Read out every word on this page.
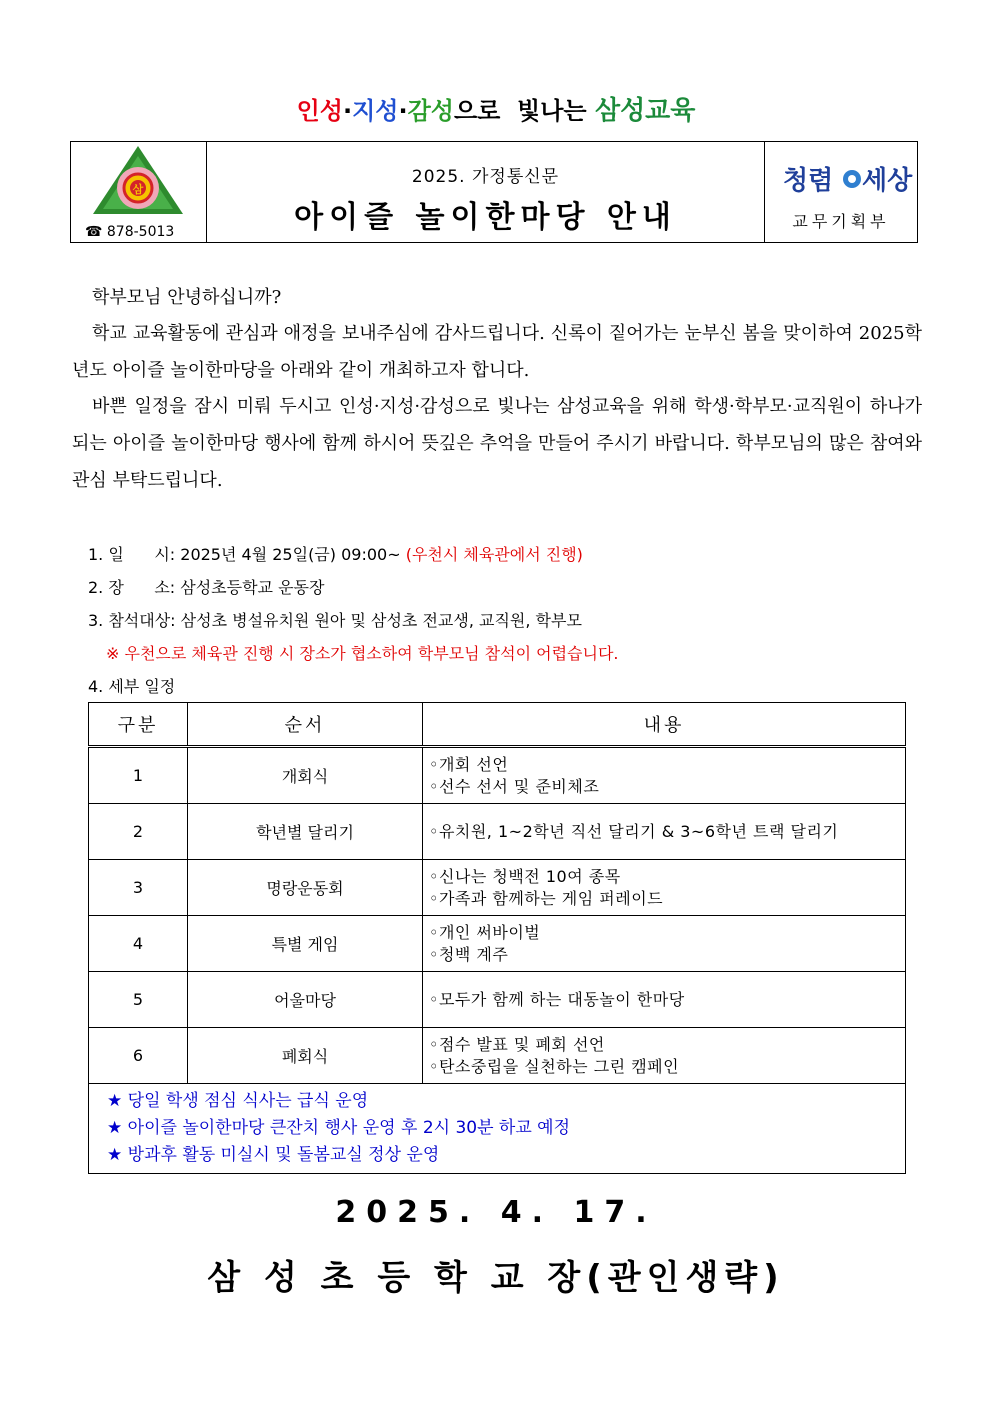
인성·지성·감성으로  빛나는 삼성교육
삼
☎ 878-5013
2025. 가정통신문
아이즐 놀이한마당 안내
청렴 세상
교무기획부
학부모님 안녕하십니까?
학교 교육활동에 관심과 애정을 보내주심에 감사드립니다. 신록이 짙어가는 눈부신 봄을 맞이하여 2025학년도 아이즐 놀이한마당을 아래와 같이 개최하고자 합니다.
바쁜 일정을 잠시 미뤄 두시고 인성·지성·감성으로 빛나는 삼성교육을 위해 학생·학부모·교직원이 하나가 되는 아이즐 놀이한마당 행사에 함께 하시어 뜻깊은 추억을 만들어 주시기 바랍니다. 학부모님의 많은 참여와 관심 부탁드립니다.
1. 일      시: 2025년 4월 25일(금) 09:00~ (우천시 체육관에서 진행)
2. 장      소: 삼성초등학교 운동장
3. 참석대상: 삼성초 병설유치원 원아 및 삼성초 전교생, 교직원, 학부모
※ 우천으로 체육관 진행 시 장소가 협소하여 학부모님 참석이 어렵습니다.
4. 세부 일정
구분	순서	내용
1	개회식	◦개회 선언
◦선수 선서 및 준비체조

2	학년별 달리기	◦유치원, 1~2학년 직선 달리기 & 3~6학년 트랙 달리기

3	명랑운동회	◦신나는 청백전 10여 종목
◦가족과 함께하는 게임 퍼레이드

4	특별 게임	◦개인 써바이벌
◦청백 계주

5	어울마당	◦모두가 함께 하는 대동놀이 한마당

6	폐회식	◦점수 발표 및 폐회 선언
◦탄소중립을 실천하는 그린 캠페인

★ 당일 학생 점심 식사는 급식 운영
★ 아이즐 놀이한마당 큰잔치 행사 운영 후 2시 30분 하교 예정
★ 방과후 활동 미실시 및 돌봄교실 정상 운영		
2025. 4. 17.
삼 성 초 등 학 교 장(관인생략)
